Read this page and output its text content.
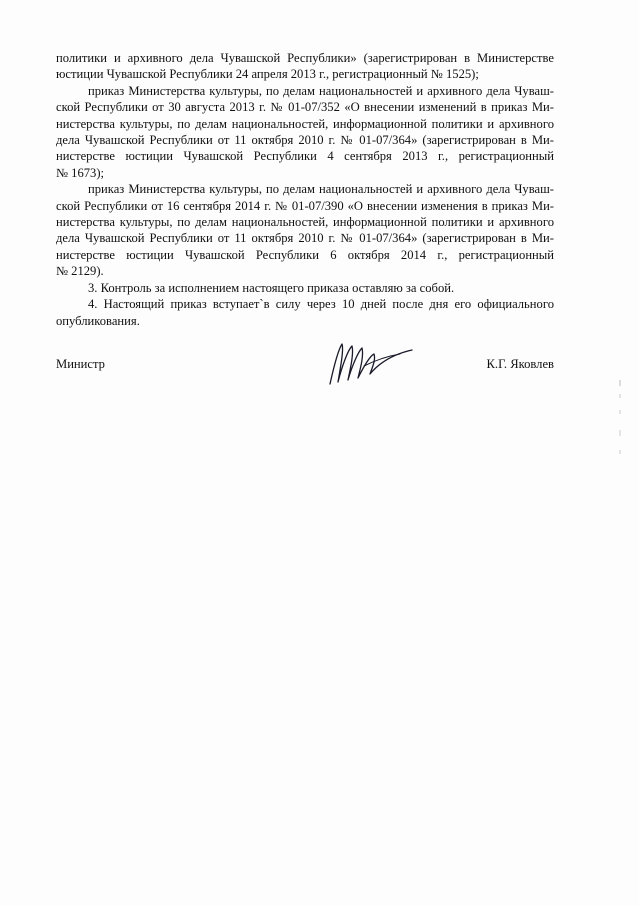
политики и архивного дела Чувашской Республики» (зарегистрирован в Министерстве
юстиции Чувашской Республики 24 апреля 2013 г., регистрационный № 1525);
приказ Министерства культуры, по делам национальностей и архивного дела Чуваш-
ской Республики от 30 августа 2013 г. № 01-07/352 «О внесении изменений в приказ Ми-
нистерства культуры, по делам национальностей, информационной политики и архивного
дела Чувашской Республики от 11 октября 2010 г. № 01-07/364» (зарегистрирован в Ми-
нистерстве юстиции Чувашской Республики 4 сентября 2013 г., регистрационный
№ 1673);
приказ Министерства культуры, по делам национальностей и архивного дела Чуваш-
ской Республики от 16 сентября 2014 г. № 01-07/390 «О внесении изменения в приказ Ми-
нистерства культуры, по делам национальностей, информационной политики и архивного
дела Чувашской Республики от 11 октября 2010 г. № 01-07/364» (зарегистрирован в Ми-
нистерстве юстиции Чувашской Республики 6 октября 2014 г., регистрационный
№ 2129).
3. Контроль за исполнением настоящего приказа оставляю за собой.
4. Настоящий приказ вступает`в силу через 10 дней после дня его официального
опубликования.
Министр	К.Г. Яковлев
